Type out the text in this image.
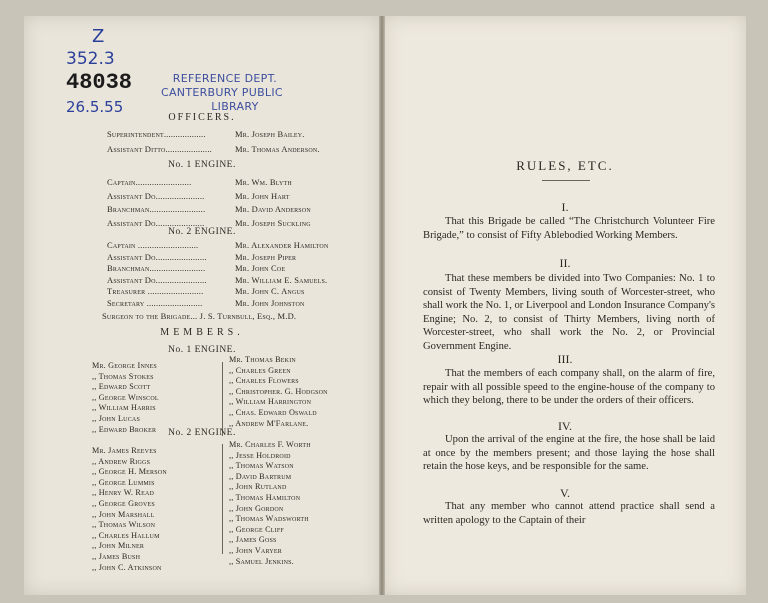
Z
352.3
48038
26.5.55
REFERENCE DEPT.
CANTERBURY PUBLIC
LIBRARY
OFFICERS.
Superintendent..................	Mr. Joseph Bailey.
Assistant Ditto....................	Mr. Thomas Anderson.
No. 1 ENGINE.
Captain........................	Mr. Wm. Blyth
Assistant Do.....................	Mr. John Hart
Branchman........................	Mr. David Anderson
Assistant Do.....................	Mr. Joseph Suckling
No. 2 ENGINE.
Captain ..........................	Mr. Alexander Hamilton
Assistant Do......................	Mr. Joseph Piper
Branchman........................	Mr. John Coe
Assistant Do......................	Mr. William E. Samuels.
Treasurer ........................	Mr. John C. Angus
Secretary ........................	Mr. John Johnston
Surgeon to the Brigade... J. S. Turnbull, Esq., M.D.
MEMBERS.
No. 1 ENGINE.
Mr. George Innes
,, Thomas Stokes
,, Edward Scott
,, George Winscol
,, William Harris
,, John Lucas
,, Edward Broker
Mr. Thomas Bekin
,, Charles Green
,, Charles Flowers
,, Christopher. G. Hodgson
,, William Harrington
,, Chas. Edward Oswald
,, Andrew M'Farlane.
No. 2 ENGINE.
Mr. James Reeves
,, Andrew Riggs
,, George H. Merson
,, George Lummis
,, Henry W. Read
,, George Groves
,, John Marshall
,, Thomas Wilson
,, Charles Hallum
,, John Milner
,, James Bush
,, John C. Atkinson
Mr. Charles F. Worth
,, Jesse Holdroid
,, Thomas Watson
,, David Bartrum
,, John Rutland
,, Thomas Hamilton
,, John Gordon
,, Thomas Wadsworth
,, George Cliff
,, James Goss
,, John Varyer
,, Samuel Jenkins.
RULES, ETC.
I.
That this Brigade be called “The Christchurch Volunteer Fire Brigade,” to consist of Fifty Ablebodied Working Members.
II.
That these members be divided into Two Companies: No. 1 to consist of Twenty Members, living south of Worcester-street, who shall work the No. 1, or Liverpool and London Insurance Company's Engine; No. 2, to consist of Thirty Members, living north of Worcester-street, who shall work the No. 2, or Provincial Government Engine.
III.
That the members of each company shall, on the alarm of fire, repair with all possible speed to the engine-house of the company to which they belong, there to be under the orders of their officers.
IV.
Upon the arrival of the engine at the fire, the hose shall be laid at once by the members present; and those laying the hose shall retain the hose keys, and be responsible for the same.
V.
That any member who cannot attend practice shall send a written apology to the Captain of their
